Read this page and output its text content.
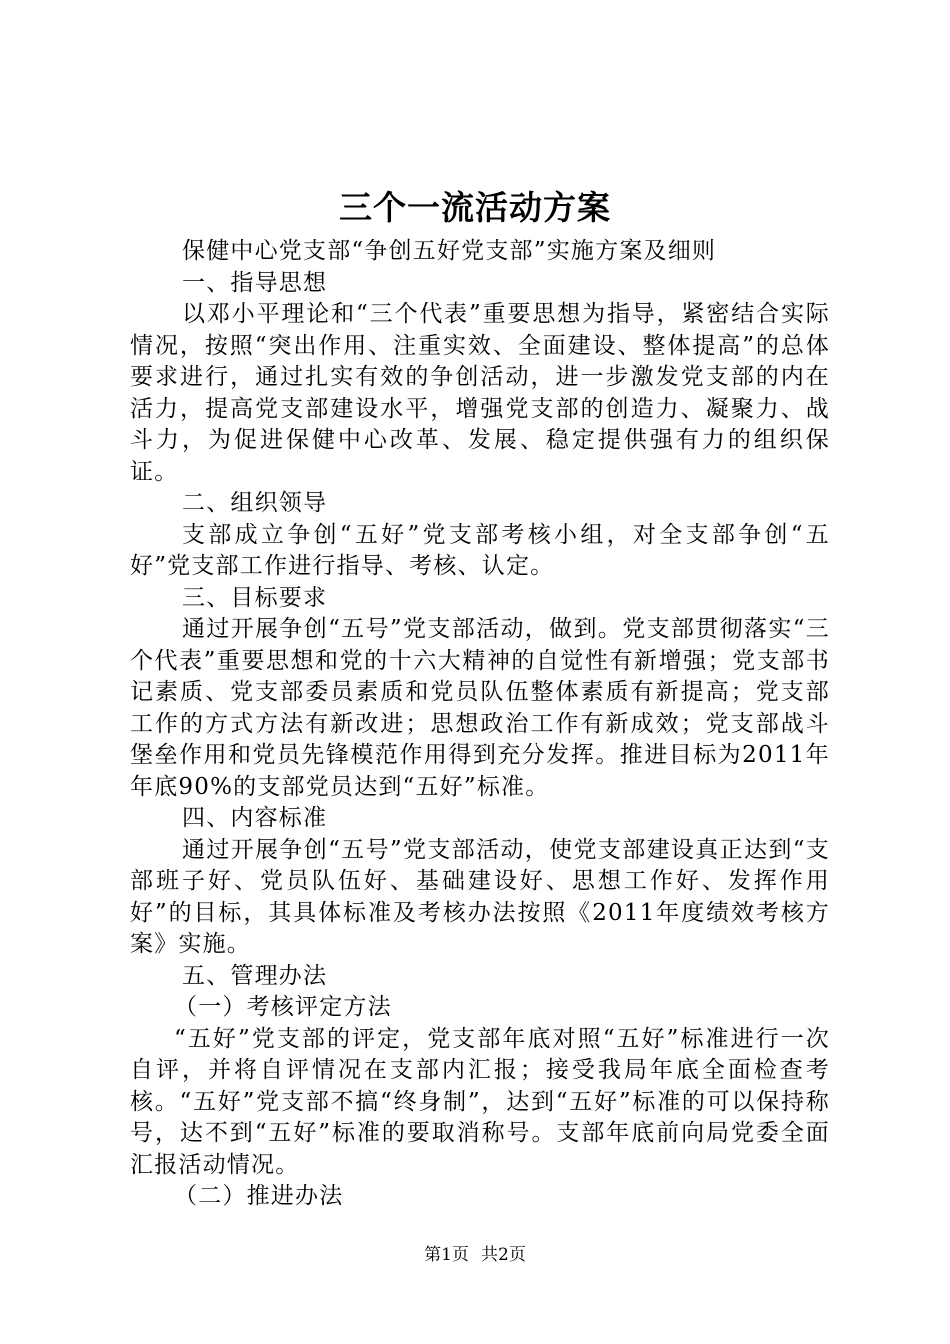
三个一流活动方案

保健中心党支部“争创五好党支部”实施方案及细则

一、指导思想

以邓小平理论和“三个代表”重要思想为指导，紧密结合实际情况，按照“突出作用、注重实效、全面建设、整体提高”的总体要求进行，通过扎实有效的争创活动，进一步激发党支部的内在活力，提高党支部建设水平，增强党支部的创造力、凝聚力、战斗力，为促进保健中心改革、发展、稳定提供强有力的组织保证。

二、组织领导

支部成立争创“五好”党支部考核小组，对全支部争创“五好”党支部工作进行指导、考核、认定。

三、目标要求

通过开展争创“五号”党支部活动，做到。党支部贯彻落实“三个代表”重要思想和党的十六大精神的自觉性有新增强；党支部书记素质、党支部委员素质和党员队伍整体素质有新提高；党支部工作的方式方法有新改进；思想政治工作有新成效；党支部战斗堡垒作用和党员先锋模范作用得到充分发挥。推进目标为2011年年底90%的支部党员达到“五好”标准。

四、内容标准

通过开展争创“五号”党支部活动，使党支部建设真正达到“支部班子好、党员队伍好、基础建设好、思想工作好、发挥作用好”的目标，其具体标准及考核办法按照《2011年度绩效考核方案》实施。

五、管理办法

（一）考核评定方法

“五好”党支部的评定，党支部年底对照“五好”标准进行一次自评，并将自评情况在支部内汇报；接受我局年底全面检查考核。“五好”党支部不搞“终身制”，达到“五好”标准的可以保持称号，达不到“五好”标准的要取消称号。支部年底前向局党委全面汇报活动情况。

（二）推进办法

第1页 共2页
